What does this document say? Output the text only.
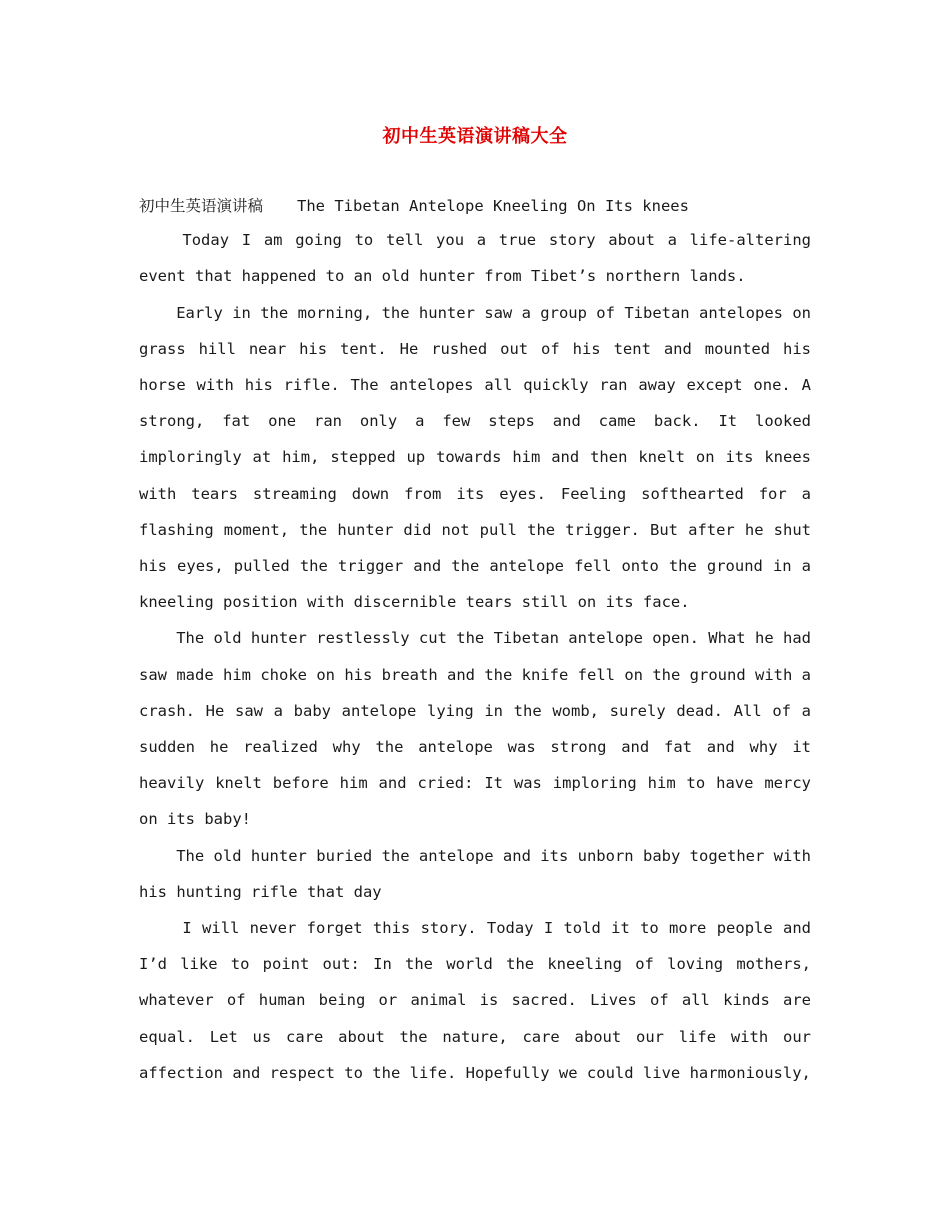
初中生英语演讲稿大全
初中生英语演讲稿 The Tibetan Antelope Kneeling On Its knees

Today I am going to tell you a true story about a life-altering event that happened to an old hunter from Tibet’s northern lands.

Early in the morning, the hunter saw a group of Tibetan antelopes on grass hill near his tent. He rushed out of his tent and mounted his horse with his rifle. The antelopes all quickly ran away except one. A strong, fat one ran only a few steps and came back. It looked imploringly at him, stepped up towards him and then knelt on its knees with tears streaming down from its eyes. Feeling softhearted for a flashing moment, the hunter did not pull the trigger. But after he shut his eyes, pulled the trigger and the antelope fell onto the ground in a kneeling position with discernible tears still on its face.

The old hunter restlessly cut the Tibetan antelope open. What he had saw made him choke on his breath and the knife fell on the ground with a crash. He saw a baby antelope lying in the womb, surely dead. All of a sudden he realized why the antelope was strong and fat and why it heavily knelt before him and cried: It was imploring him to have mercy on its baby!

The old hunter buried the antelope and its unborn baby together with his hunting rifle that day

I will never forget this story. Today I told it to more people and I’d like to point out: In the world the kneeling of loving mothers, whatever of human being or animal is sacred. Lives of all kinds are equal. Let us care about the nature, care about our life with our affection and respect to the life. Hopefully we could live harmoniously,
